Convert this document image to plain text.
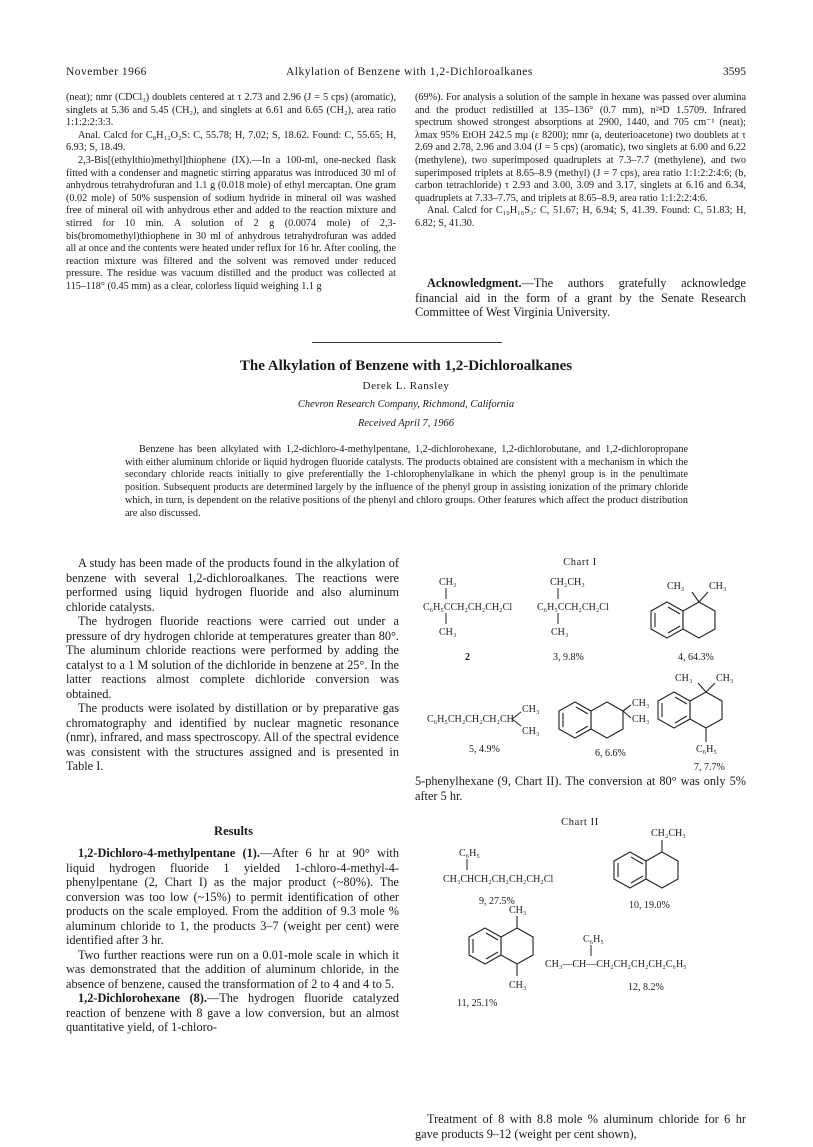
November 1966	Alkylation of Benzene with 1,2-Dichloroalkanes	3595

(neat); nmr (CDCl₃) doublets centered at τ 2.73 and 2.96 (J = 5 cps) (aromatic), singlets at 5.36 and 5.45 (CH₂), and singlets at 6.61 and 6.65 (CH₂), area ratio 1:1:2:2:3:3.

Anal. Calcd for C₈H₁₂O₂S: C, 55.78; H, 7.02; S, 18.62. Found: C, 55.65; H, 6.93; S, 18.49.

2,3-Bis[(ethylthio)methyl]thiophene (IX).—In a 100-ml, one-necked flask fitted with a condenser and magnetic stirring apparatus was introduced 30 ml of anhydrous tetrahydrofuran and 1.1 g (0.018 mole) of ethyl mercaptan. One gram (0.02 mole) of 50% suspension of sodium hydride in mineral oil was washed free of mineral oil with anhydrous ether and added to the reaction mixture and stirred for 10 min. A solution of 2 g (0.0074 mole) of 2,3-bis(bromomethyl)thiophene in 30 ml of anhydrous tetrahydrofuran was added all at once and the contents were heated under reflux for 16 hr. After cooling, the reaction mixture was filtered and the solvent was removed under reduced pressure. The residue was vacuum distilled and the product was collected at 115–118° (0.45 mm) as a clear, colorless liquid weighing 1.1 g

(69%). For analysis a solution of the sample in hexane was passed over alumina and the product redistilled at 135–136° (0.7 mm), n²⁴D 1.5709. Infrared spectrum showed strongest absorptions at 2900, 1440, and 705 cm⁻¹ (neat); λmax 95% EtOH 242.5 mμ (ε 8200); nmr (a, deuterioacetone) two doublets at τ 2.69 and 2.78, 2.96 and 3.04 (J = 5 cps) (aromatic), two singlets at 6.00 and 6.22 (methylene), two superimposed quadruplets at 7.3–7.7 (methylene), and two superimposed triplets at 8.65–8.9 (methyl) (J = 7 cps), area ratio 1:1:2:2:4:6; (b, carbon tetrachloride) τ 2.93 and 3.00, 3.09 and 3.17, singlets at 6.16 and 6.34, quadruplets at 7.33–7.75, and triplets at 8.65–8.9, area ratio 1:1:2:2:4:6.

Anal. Calcd for C₁₀H₁₆S₃: C, 51.67; H, 6.94; S, 41.39. Found: C, 51.83; H, 6.82; S, 41.30.

Acknowledgment.—The authors gratefully acknowledge financial aid in the form of a grant by the Senate Research Committee of West Virginia University.

The Alkylation of Benzene with 1,2-Dichloroalkanes
Derek L. Ransley
Chevron Research Company, Richmond, California
Received April 7, 1966
Benzene has been alkylated with 1,2-dichloro-4-methylpentane, 1,2-dichlorohexane, 1,2-dichlorobutane, and 1,2-dichloropropane with either aluminum chloride or liquid hydrogen fluoride catalysts. The products obtained are consistent with a mechanism in which the secondary chloride reacts initially to give preferentially the 1-chlorophenylalkane in which the phenyl group is in the penultimate position. Subsequent products are determined largely by the influence of the phenyl group in assisting ionization of the primary chloride which, in turn, is dependent on the relative positions of the phenyl and chloro groups. Other features which affect the product distribution are also discussed.

A study has been made of the products found in the alkylation of benzene with several 1,2-dichloroalkanes. The reactions were performed using liquid hydrogen fluoride and also aluminum chloride catalysts.

The hydrogen fluoride reactions were carried out under a pressure of dry hydrogen chloride at temperatures greater than 80°. The aluminum chloride reactions were performed by adding the catalyst to a 1 M solution of the dichloride in benzene at 25°. In the latter reactions almost complete dichloride conversion was obtained.

The products were isolated by distillation or by preparative gas chromatography and identified by nuclear magnetic resonance (nmr), infrared, and mass spectroscopy. All of the spectral evidence was consistent with the structures assigned and is presented in Table I.

Results

1,2-Dichloro-4-methylpentane (1).—After 6 hr at 90° with liquid hydrogen fluoride 1 yielded 1-chloro-4-methyl-4-phenylpentane (2, Chart I) as the major product (~80%). The conversion was too low (~15%) to permit identification of other products on the scale employed. From the addition of 9.3 mole % aluminum chloride to 1, the products 3–7 (weight per cent) were identified after 3 hr.

Two further reactions were run on a 0.01-mole scale in which it was demonstrated that the addition of aluminum chloride, in the absence of benzene, caused the transformation of 2 to 4 and 4 to 5.

1,2-Dichlorohexane (8).—The hydrogen fluoride catalyzed reaction of benzene with 8 gave a low conversion, but an almost quantitative yield, of 1-chloro-

Chart I
CH₃
C₆H₅CCH₂CH₂CH₂Cl
CH₃
2
CH₂CH₃
C₆H₅CCH₂CH₂Cl
CH₃
3, 9.8%
CH₃ CH₃
4, 64.3%
C₆H₅CH₂CH₂CH₂CH
CH₃
CH₃
5, 4.9%
CH₃
CH₃
6, 6.6%
CH₃ CH₃
C₆H₅
7, 7.7%

5-phenylhexane (9, Chart II). The conversion at 80° was only 5% after 5 hr.

Chart II
C₆H₅
CH₃CHCH₂CH₂CH₂CH₂Cl
9, 27.5%
CH₂CH₃
10, 19.0%
CH₃
CH₃
11, 25.1%
C₆H₅
CH₃—CH—CH₂CH₂CH₂CH₂C₆H₅
12, 8.2%
Treatment of 8 with 8.8 mole % aluminum chloride for 6 hr gave products 9–12 (weight per cent shown),
